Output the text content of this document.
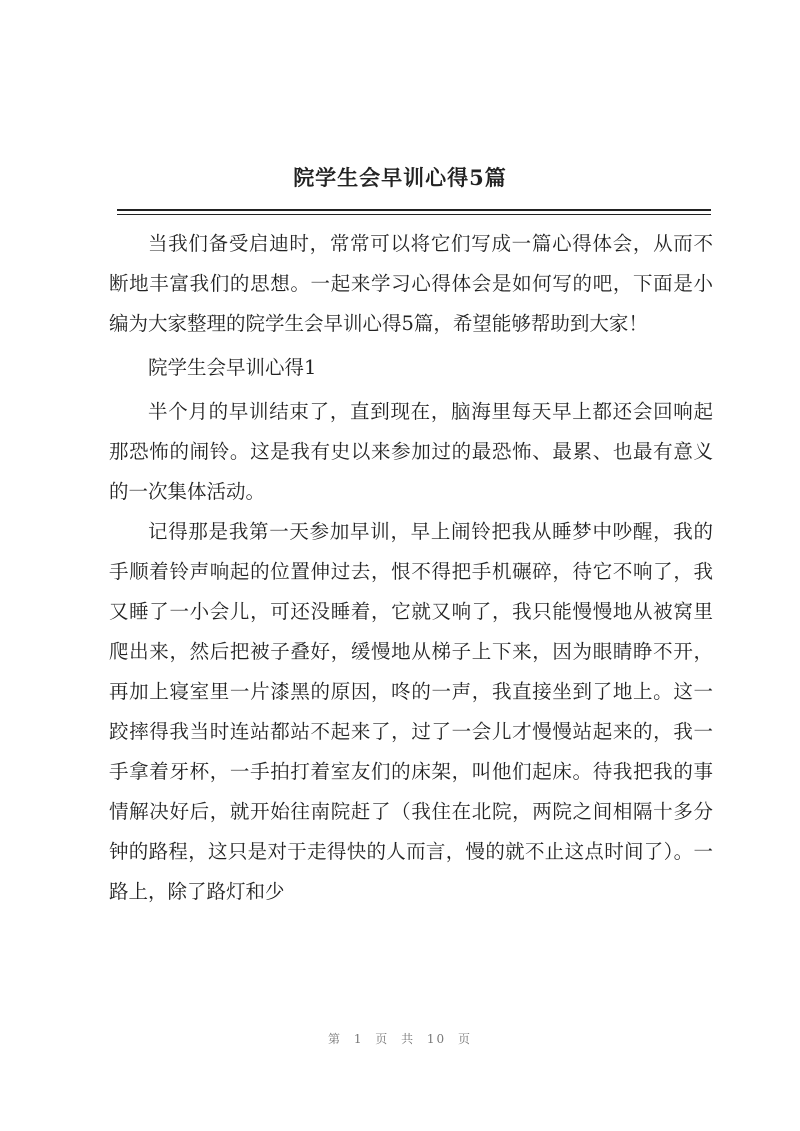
院学生会早训心得5篇

当我们备受启迪时，常常可以将它们写成一篇心得体会，从而不断地丰富我们的思想。一起来学习心得体会是如何写的吧，下面是小编为大家整理的院学生会早训心得5篇，希望能够帮助到大家！

院学生会早训心得1

半个月的早训结束了，直到现在，脑海里每天早上都还会回响起那恐怖的闹铃。这是我有史以来参加过的最恐怖、最累、也最有意义的一次集体活动。

记得那是我第一天参加早训，早上闹铃把我从睡梦中吵醒，我的手顺着铃声响起的位置伸过去，恨不得把手机碾碎，待它不响了，我又睡了一小会儿，可还没睡着，它就又响了，我只能慢慢地从被窝里爬出来，然后把被子叠好，缓慢地从梯子上下来，因为眼睛睁不开，再加上寝室里一片漆黑的原因，咚的一声，我直接坐到了地上。这一跤摔得我当时连站都站不起来了，过了一会儿才慢慢站起来的，我一手拿着牙杯，一手拍打着室友们的床架，叫他们起床。待我把我的事情解决好后，就开始往南院赶了（我住在北院，两院之间相隔十多分钟的路程，这只是对于走得快的人而言，慢的就不止这点时间了）。一路上，除了路灯和少

第 1 页 共 10 页
